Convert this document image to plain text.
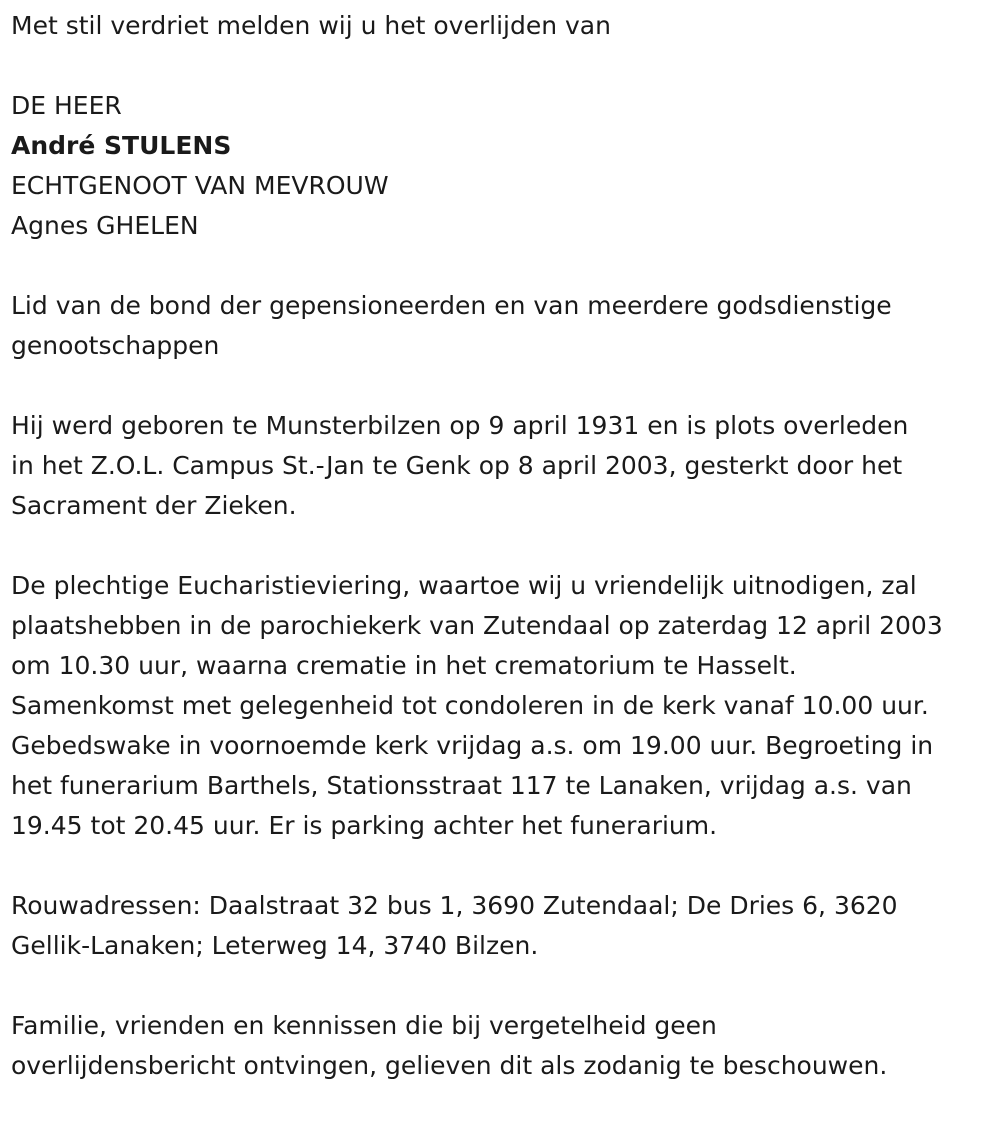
Met stil verdriet melden wij u het overlijden van
DE HEER
André STULENS
ECHTGENOOT VAN MEVROUW
Agnes GHELEN
Lid van de bond der gepensioneerden en van meerdere godsdienstige
genootschappen
Hij werd geboren te Munsterbilzen op 9 april 1931 en is plots overleden
in het Z.O.L. Campus St.-Jan te Genk op 8 april 2003, gesterkt door het
Sacrament der Zieken.
De plechtige Eucharistieviering, waartoe wij u vriendelijk uitnodigen, zal
plaatshebben in de parochiekerk van Zutendaal op zaterdag 12 april 2003
om 10.30 uur, waarna crematie in het crematorium te Hasselt.
Samenkomst met gelegenheid tot condoleren in de kerk vanaf 10.00 uur.
Gebedswake in voornoemde kerk vrijdag a.s. om 19.00 uur. Begroeting in
het funerarium Barthels, Stationsstraat 117 te Lanaken, vrijdag a.s. van
19.45 tot 20.45 uur. Er is parking achter het funerarium.
Rouwadressen: Daalstraat 32 bus 1, 3690 Zutendaal; De Dries 6, 3620
Gellik-Lanaken; Leterweg 14, 3740 Bilzen.
Familie, vrienden en kennissen die bij vergetelheid geen
overlijdensbericht ontvingen, gelieven dit als zodanig te beschouwen.
